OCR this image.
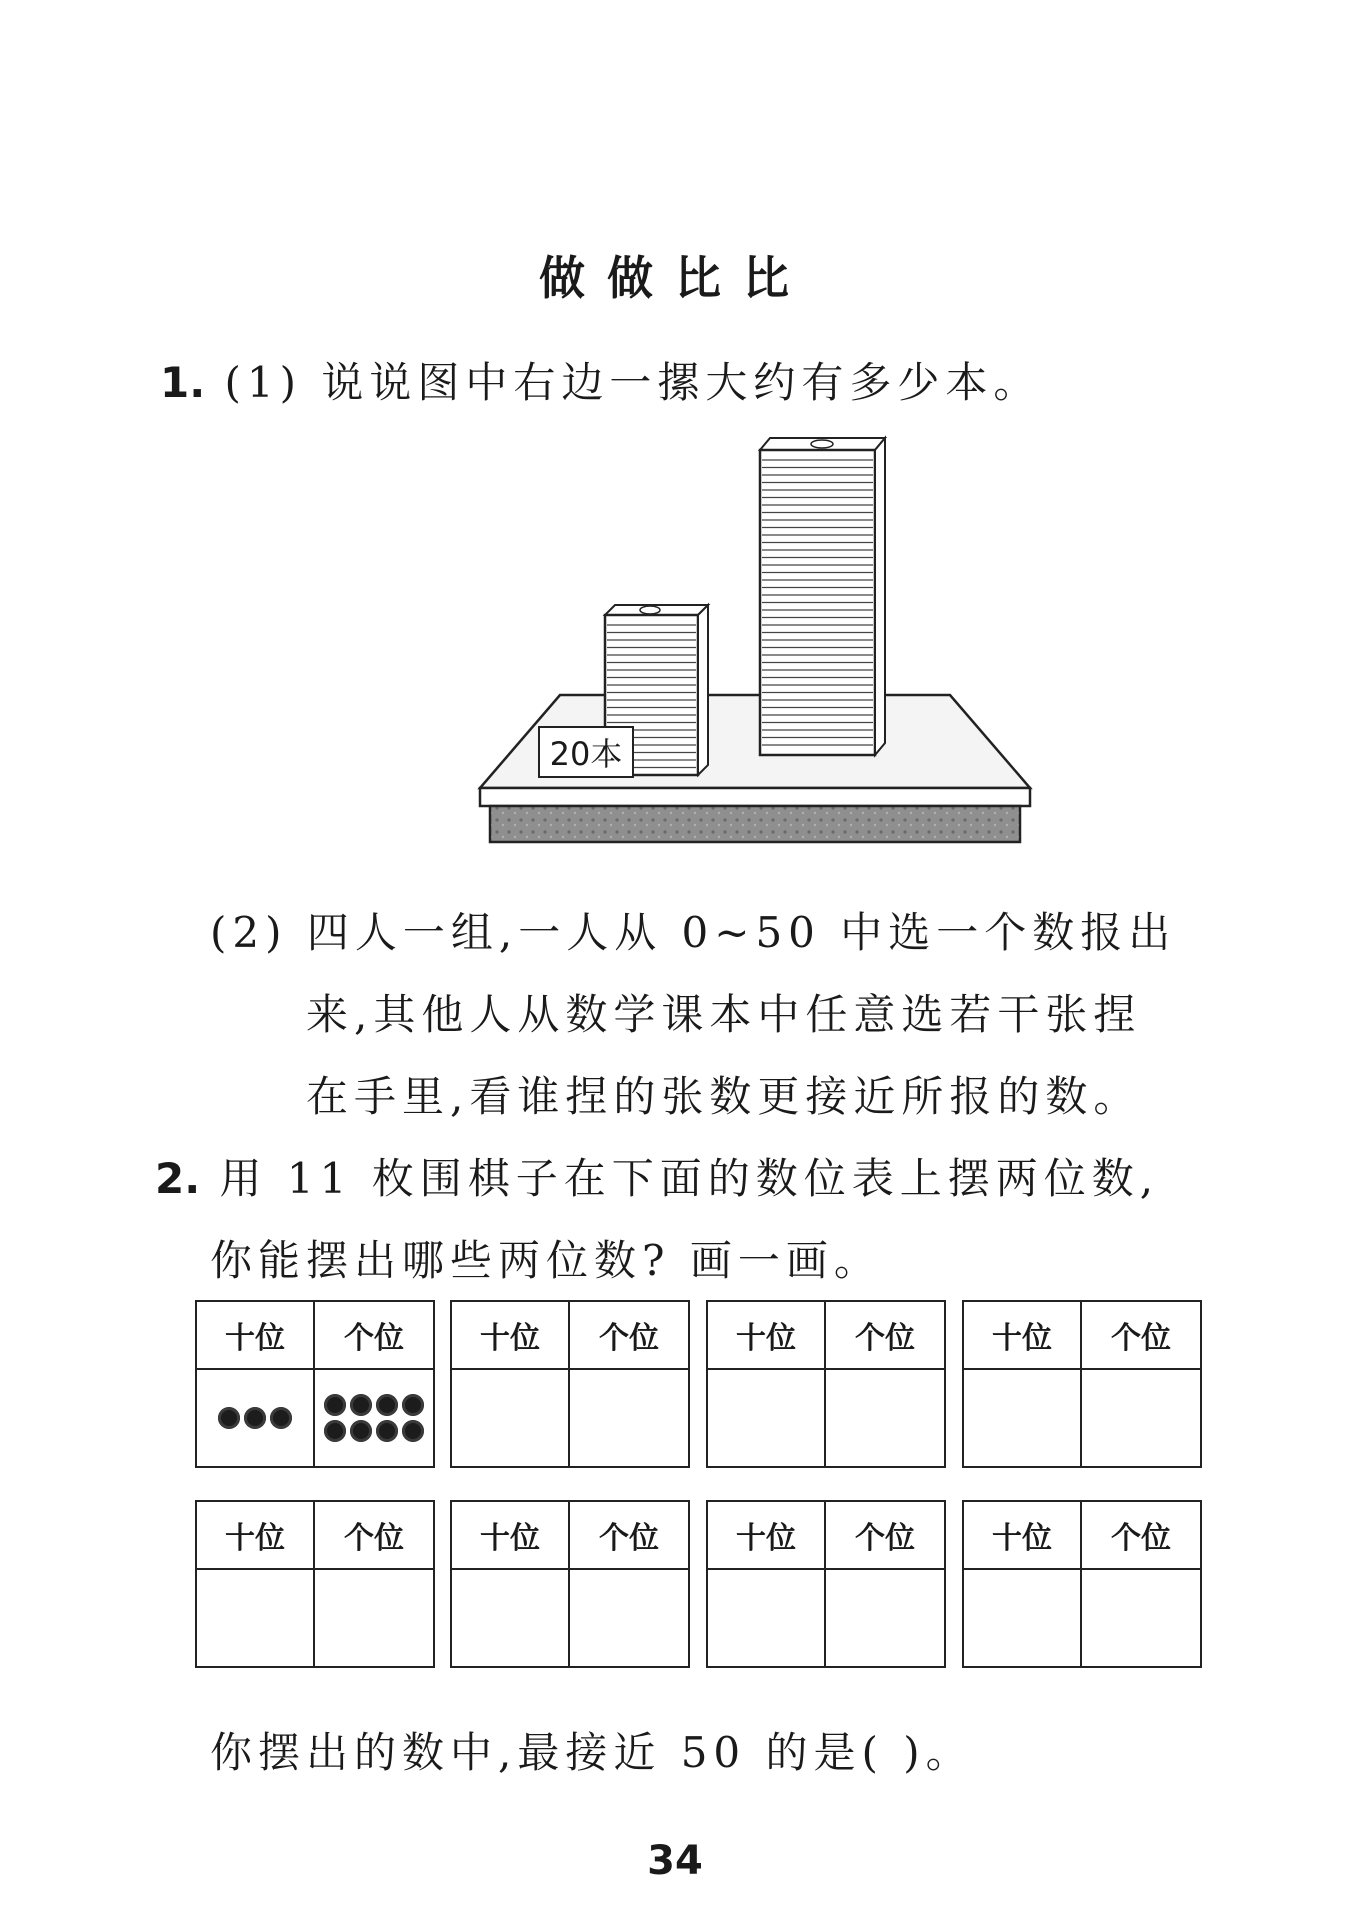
做做比比
1. (1) 说说图中右边一摞大约有多少本。
20本
(2) 四人一组,一人从 0~50 中选一个数报出
来,其他人从数学课本中任意选若干张捏
在手里,看谁捏的张数更接近所报的数。
2. 用 11 枚围棋子在下面的数位表上摆两位数,
你能摆出哪些两位数? 画一画。
十位	个位	十位	个位	十位	个位	十位	个位
十位	个位	十位	个位	十位	个位	十位	个位
你摆出的数中,最接近 50 的是( )。
34
